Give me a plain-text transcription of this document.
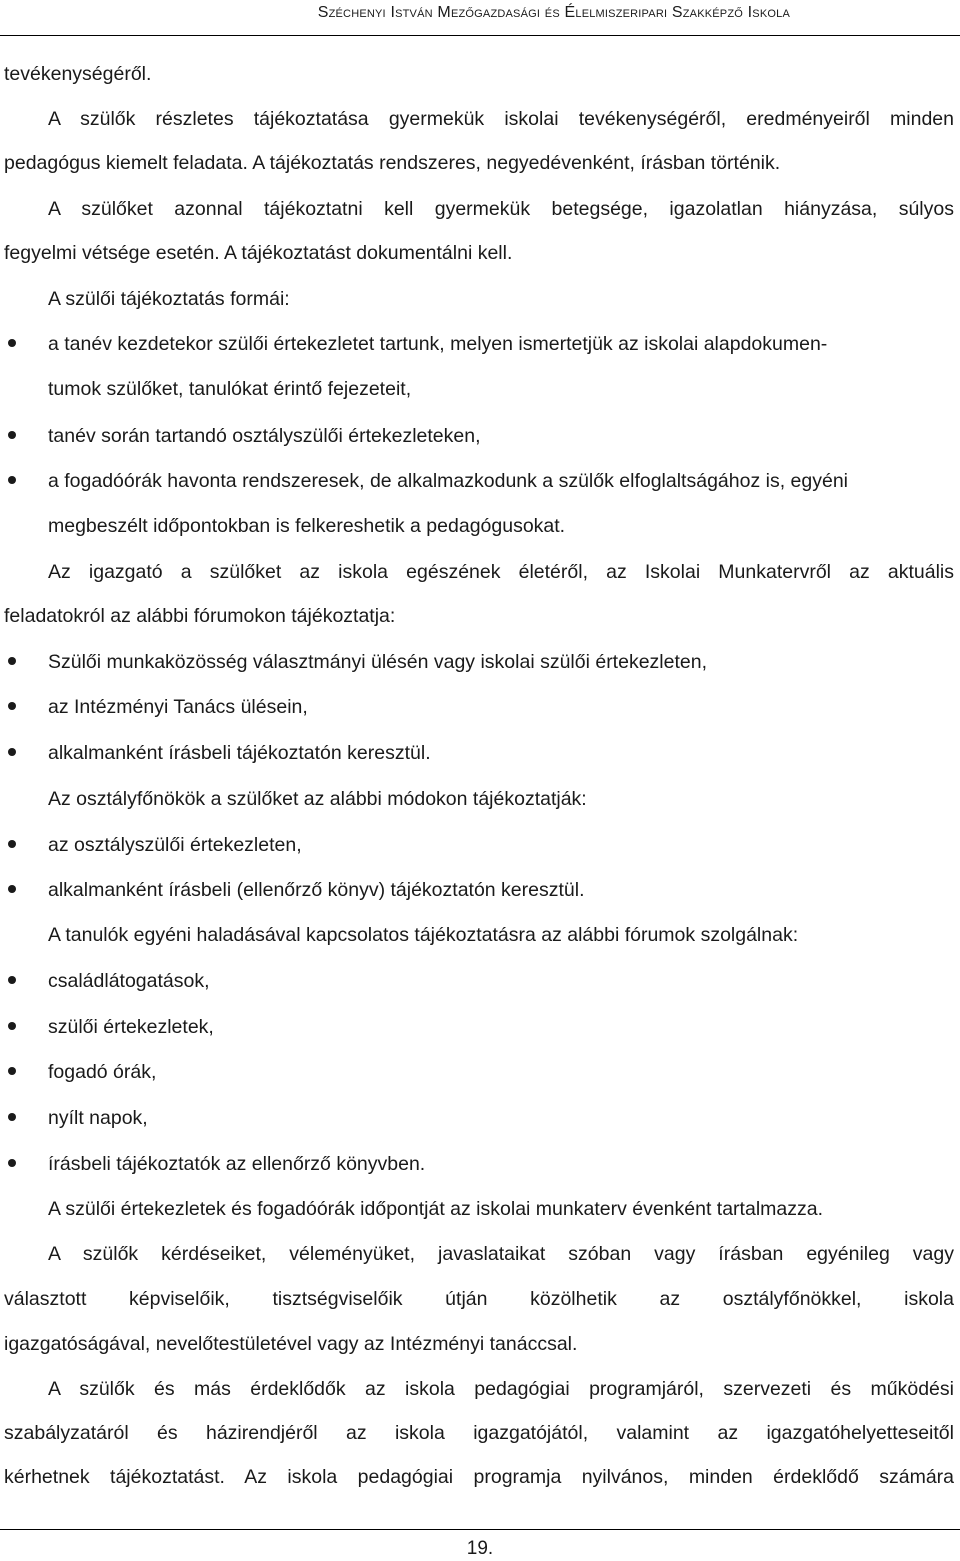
Széchenyi István Mezőgazdasági és Élelmiszeripari Szakképző Iskola
tevékenységéről.
A szülők részletes tájékoztatása gyermekük iskolai tevékenységéről, eredményeiről minden
pedagógus kiemelt feladata. A tájékoztatás rendszeres, negyedévenként, írásban történik.
A szülőket azonnal tájékoztatni kell gyermekük betegsége, igazolatlan hiányzása, súlyos
fegyelmi vétsége esetén. A tájékoztatást dokumentálni kell.
A szülői tájékoztatás formái:
a tanév kezdetekor szülői értekezletet tartunk, melyen ismertetjük az iskolai alapdokumen-
tumok szülőket, tanulókat érintő fejezeteit,
tanév során tartandó osztályszülői értekezleteken,
a fogadóórák havonta rendszeresek, de alkalmazkodunk a szülők elfoglaltságához is, egyéni
megbeszélt időpontokban is felkereshetik a pedagógusokat.
Az igazgató a szülőket az iskola egészének életéről, az Iskolai Munkatervről az aktuális
feladatokról az alábbi fórumokon tájékoztatja:
Szülői munkaközösség választmányi ülésén vagy iskolai szülői értekezleten,
az Intézményi Tanács ülésein,
alkalmanként írásbeli tájékoztatón keresztül.
Az osztályfőnökök a szülőket az alábbi módokon tájékoztatják:
az osztályszülői értekezleten,
alkalmanként írásbeli (ellenőrző könyv) tájékoztatón keresztül.
A tanulók egyéni haladásával kapcsolatos tájékoztatásra az alábbi fórumok szolgálnak:
családlátogatások,
szülői értekezletek,
fogadó órák,
nyílt napok,
írásbeli tájékoztatók az ellenőrző könyvben.
A szülői értekezletek és fogadóórák időpontját az iskolai munkaterv évenként tartalmazza.
A szülők kérdéseiket, véleményüket, javaslataikat szóban vagy írásban egyénileg vagy
választott képviselőik, tisztségviselőik útján közölhetik az osztályfőnökkel, iskola
igazgatóságával, nevelőtestületével vagy az Intézményi tanáccsal.
A szülők és más érdeklődők az iskola pedagógiai programjáról, szervezeti és működési
szabályzatáról és házirendjéről az iskola igazgatójától, valamint az igazgatóhelyetteseitől
kérhetnek tájékoztatást. Az iskola pedagógiai programja nyilvános, minden érdeklődő számára
19.
